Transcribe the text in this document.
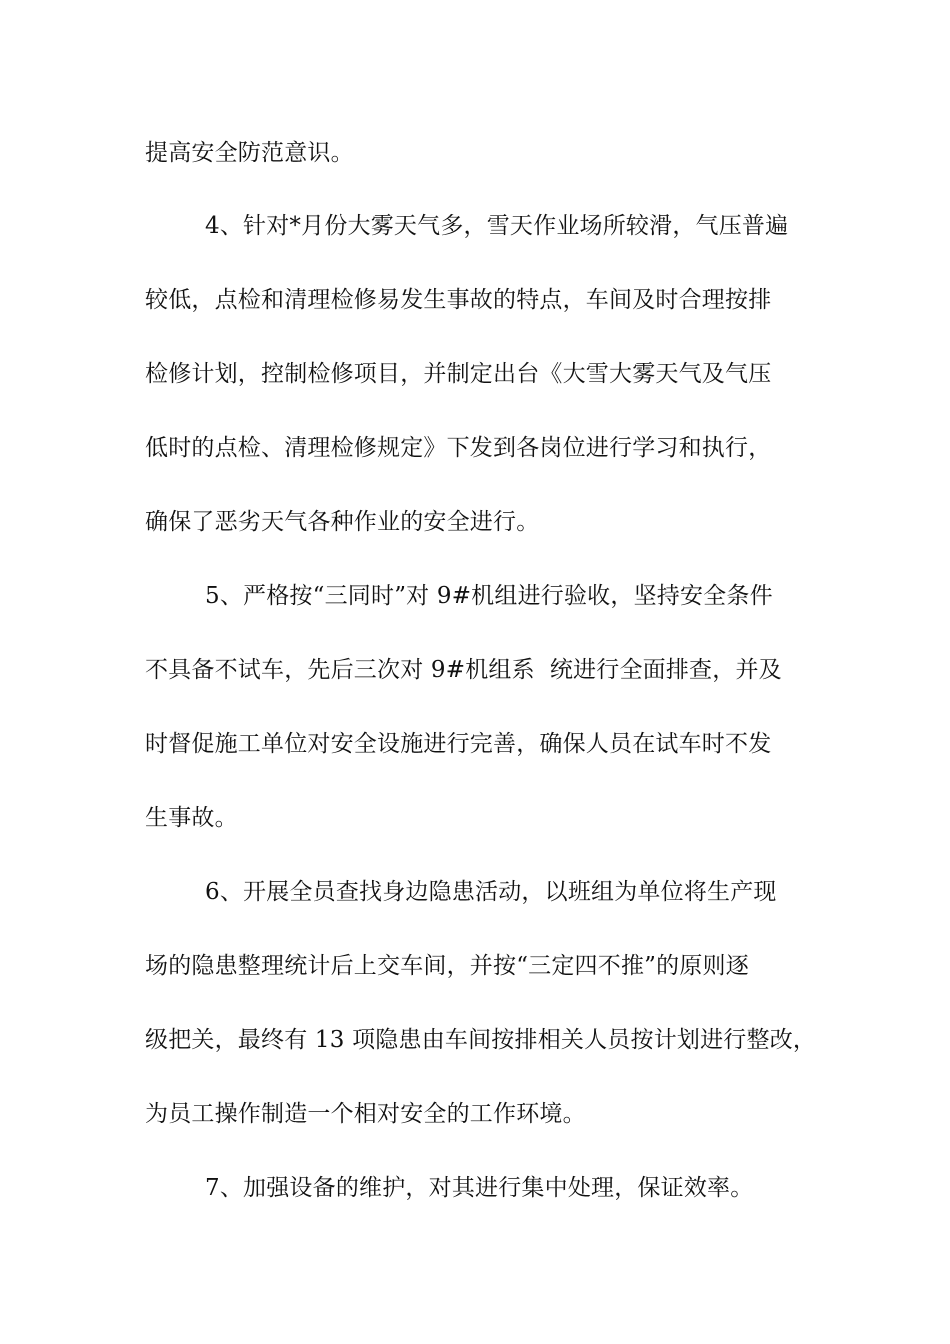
提高安全防范意识。

4、针对*月份大雾天气多，雪天作业场所较滑，气压普遍

较低，点检和清理检修易发生事故的特点，车间及时合理按排

检修计划，控制检修项目，并制定出台《大雪大雾天气及气压

低时的点检、清理检修规定》下发到各岗位进行学习和执行，

确保了恶劣天气各种作业的安全进行。

5、严格按“三同时”对 9#机组进行验收，坚持安全条件

不具备不试车，先后三次对 9#机组系  统进行全面排查，并及

时督促施工单位对安全设施进行完善，确保人员在试车时不发

生事故。

6、开展全员查找身边隐患活动，以班组为单位将生产现

场的隐患整理统计后上交车间，并按“三定四不推”的原则逐

级把关，最终有 13 项隐患由车间按排相关人员按计划进行整改，

为员工操作制造一个相对安全的工作环境。

7、加强设备的维护，对其进行集中处理，保证效率。
